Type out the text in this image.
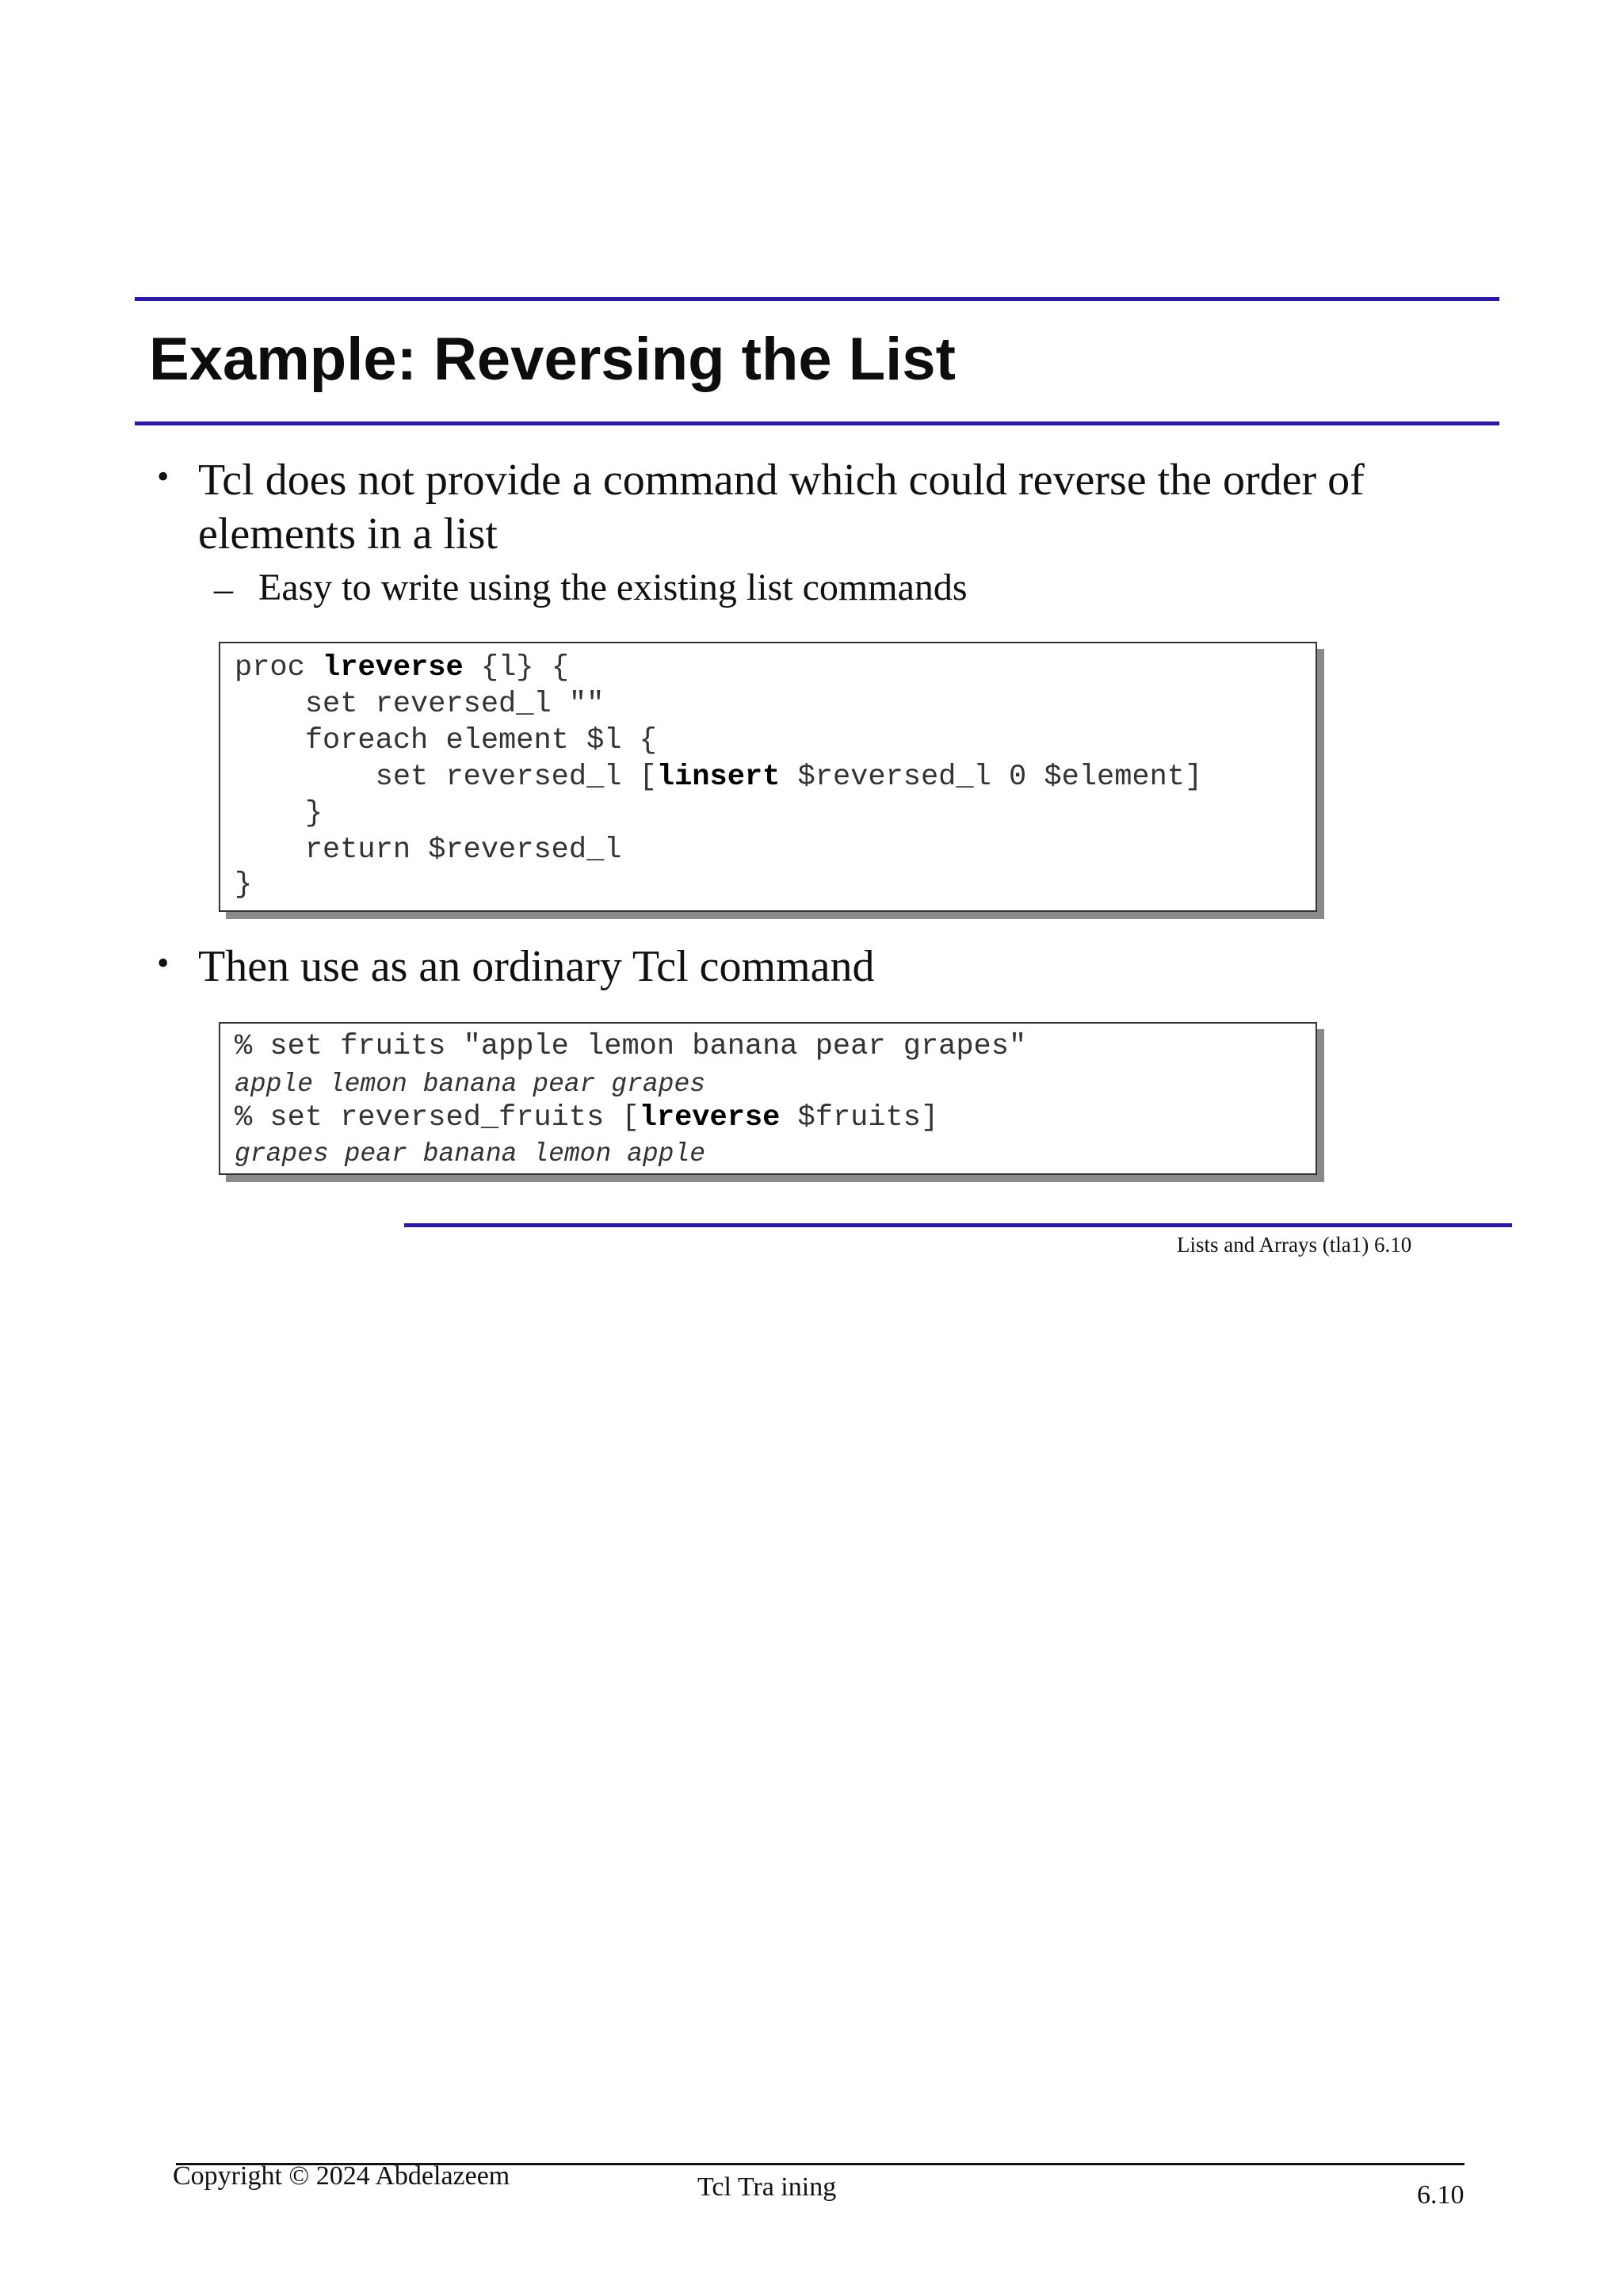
Example: Reversing the List
• Tcl does not provide a command which could reverse the order of elements in a list
– Easy to write using the existing list commands
proc lreverse {l} {
set reversed_l ""
foreach element $l {
set reversed_l [linsert $reversed_l 0 $element]
}
return $reversed_l
}
• Then use as an ordinary Tcl command
% set fruits "apple lemon banana pear grapes"
apple lemon banana pear grapes
% set reversed_fruits [lreverse $fruits]
grapes pear banana lemon apple
Lists and Arrays (tla1) 6.10
Copyright © 2024 Abdelazeem	Tcl Tra ining	6.10
